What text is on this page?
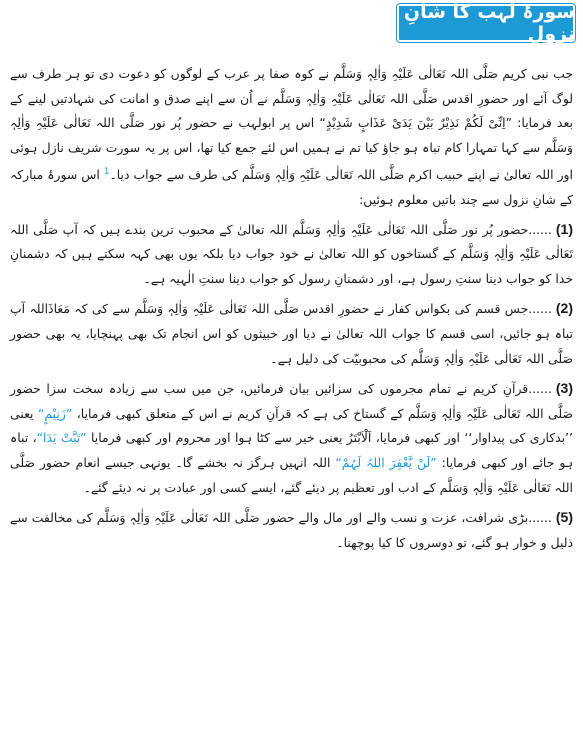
سورۂ لہب کا شانِ نزول

جب نبی کریم صَلَّی اللہ تَعَالٰی عَلَیْہِ وَاٰلِہٖ وَسَلَّم نے کوہ صفا پر عرب کے لوگوں کو دعوت دی تو ہر طرف سے لوگ آئے اور حضورِ اقدس صَلَّی اللہ تَعَالٰی عَلَیْہِ وَاٰلِہٖ وَسَلَّم نے اُن سے اپنے صدق و امانت کی شہادتیں لینے کے بعد فرمایا: ”اِنِّیْ لَکُمْ نَذِیْرٌ بَیْنَ یَدَیْ عَذَابٍ شَدِیْدٍ“ اس پر ابولہب نے حضور پُر نور صَلَّی اللہ تَعَالٰی عَلَیْہِ وَاٰلِہٖ وَسَلَّم سے کہا تمہارا کام تباہ ہو جاؤ کیا تم نے ہمیں اس لئے جمع کیا تھا، اس پر یہ سورت شریف نازل ہوئی اور اللہ تعالیٰ نے اپنے حبیب اکرم صَلَّی اللہ تَعَالٰی عَلَیْہِ وَاٰلِہٖ وَسَلَّم کی طرف سے جواب دیا۔$^1$ اس سورۂ مبارکہ کے شانِ نزول سے چند باتیں معلوم ہوئیں:

(1)......حضور پُر نور صَلَّی اللہ تَعَالٰی عَلَیْہِ وَاٰلِہٖ وَسَلَّم اللہ تعالیٰ کے محبوب ترین بندے ہیں کہ آپ صَلَّی اللہ تَعَالٰی عَلَیْہِ وَاٰلِہٖ وَسَلَّم کے گستاخوں کو اللہ تعالیٰ نے خود جواب دیا بلکہ یوں بھی کہہ سکتے ہیں کہ دشمنانِ خدا کو جواب دینا سنتِ رسول ہے، اور دشمنانِ رسول کو جواب دینا سنتِ الٰہیہ ہے۔

(2)......جس قسم کی بکواس کفار نے حضورِ اقدس صَلَّی اللہ تَعَالٰی عَلَیْہِ وَاٰلِہٖ وَسَلَّم سے کی کہ مَعَاذَاللہ آپ تباہ ہو جائیں، اسی قسم کا جواب اللہ تعالیٰ نے دیا اور خبیثوں کو اس انجام تک بھی پہنچایا، یہ بھی حضور صَلَّی اللہ تَعَالٰی عَلَیْہِ وَاٰلِہٖ وَسَلَّم کی محبوبیّت کی دلیل ہے۔

(3)......قرآنِ کریم نے تمام مجرموں کی سزائیں بیان فرمائیں، جن میں سب سے زیادہ سخت سزا حضور صَلَّی اللہ تَعَالٰی عَلَیْہِ وَاٰلِہٖ وَسَلَّم کے گستاخ کی ہے کہ قرآنِ کریم نے اس کے متعلق کبھی فرمایا، ”زَنِیْمٍ“ یعنی ’’بدکاری کی پیداوار‘‘ اور کبھی فرمایا، اَلْاَبْتَرُ یعنی خیر سے کٹا ہوا اور محروم اور کبھی فرمایا ”تَبَّتْ یَدَا“، تباہ ہو جائے اور کبھی فرمایا: ”لَنْ یَّغْفِرَ اللہُ لَہُمْ“ اللہ انہیں ہرگز نہ بخشے گا۔ یونہی جیسے انعام حضور صَلَّی اللہ تَعَالٰی عَلَیْہِ وَاٰلِہٖ وَسَلَّم کے ادب اور تعظیم پر دیئے گئے، ایسے کسی اور عبادت پر نہ دیئے گئے۔

(5)......بڑی شرافت، عزت و نسب والے اور مال والے حضور صَلَّی اللہ تَعَالٰی عَلَیْہِ وَاٰلِہٖ وَسَلَّم کی مخالفت سے ذلیل و خوار ہو گئے، تو دوسروں کا کیا پوچھنا۔
